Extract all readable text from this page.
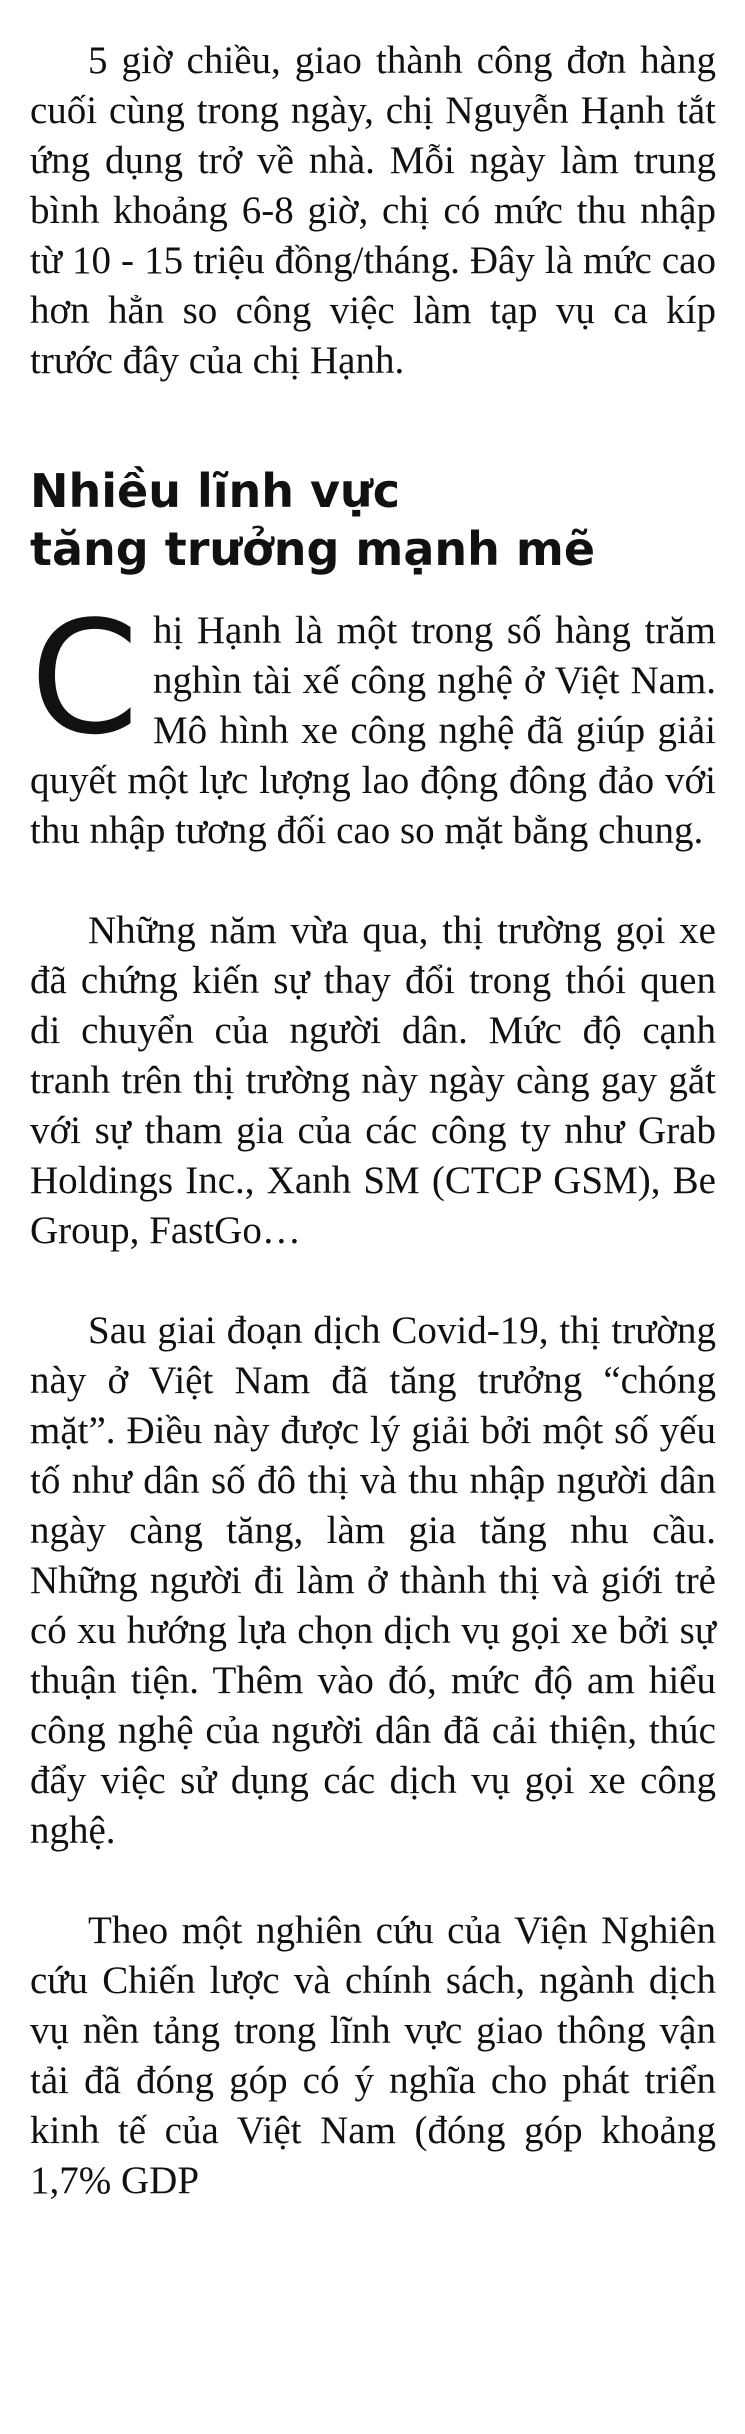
5 giờ chiều, giao thành công đơn hàng cuối cùng trong ngày, chị Nguyễn Hạnh tắt ứng dụng trở về nhà. Mỗi ngày làm trung bình khoảng 6-8 giờ, chị có mức thu nhập từ 10 - 15 triệu đồng/tháng. Đây là mức cao hơn hẳn so công việc làm tạp vụ ca kíp trước đây của chị Hạnh.

Nhiều lĩnh vực
tăng trưởng mạnh mẽ

Chị Hạnh là một trong số hàng trăm nghìn tài xế công nghệ ở Việt Nam. Mô hình xe công nghệ đã giúp giải quyết một lực lượng lao động đông đảo với thu nhập tương đối cao so mặt bằng chung.

Những năm vừa qua, thị trường gọi xe đã chứng kiến sự thay đổi trong thói quen di chuyển của người dân. Mức độ cạnh tranh trên thị trường này ngày càng gay gắt với sự tham gia của các công ty như Grab Holdings Inc., Xanh SM (CTCP GSM), Be Group, FastGo…

Sau giai đoạn dịch Covid-19, thị trường này ở Việt Nam đã tăng trưởng “chóng mặt”. Điều này được lý giải bởi một số yếu tố như dân số đô thị và thu nhập người dân ngày càng tăng, làm gia tăng nhu cầu. Những người đi làm ở thành thị và giới trẻ có xu hướng lựa chọn dịch vụ gọi xe bởi sự thuận tiện. Thêm vào đó, mức độ am hiểu công nghệ của người dân đã cải thiện, thúc đẩy việc sử dụng các dịch vụ gọi xe công nghệ.

Theo một nghiên cứu của Viện Nghiên cứu Chiến lược và chính sách, ngành dịch vụ nền tảng trong lĩnh vực giao thông vận tải đã đóng góp có ý nghĩa cho phát triển kinh tế của Việt Nam (đóng góp khoảng 1,7% GDP
